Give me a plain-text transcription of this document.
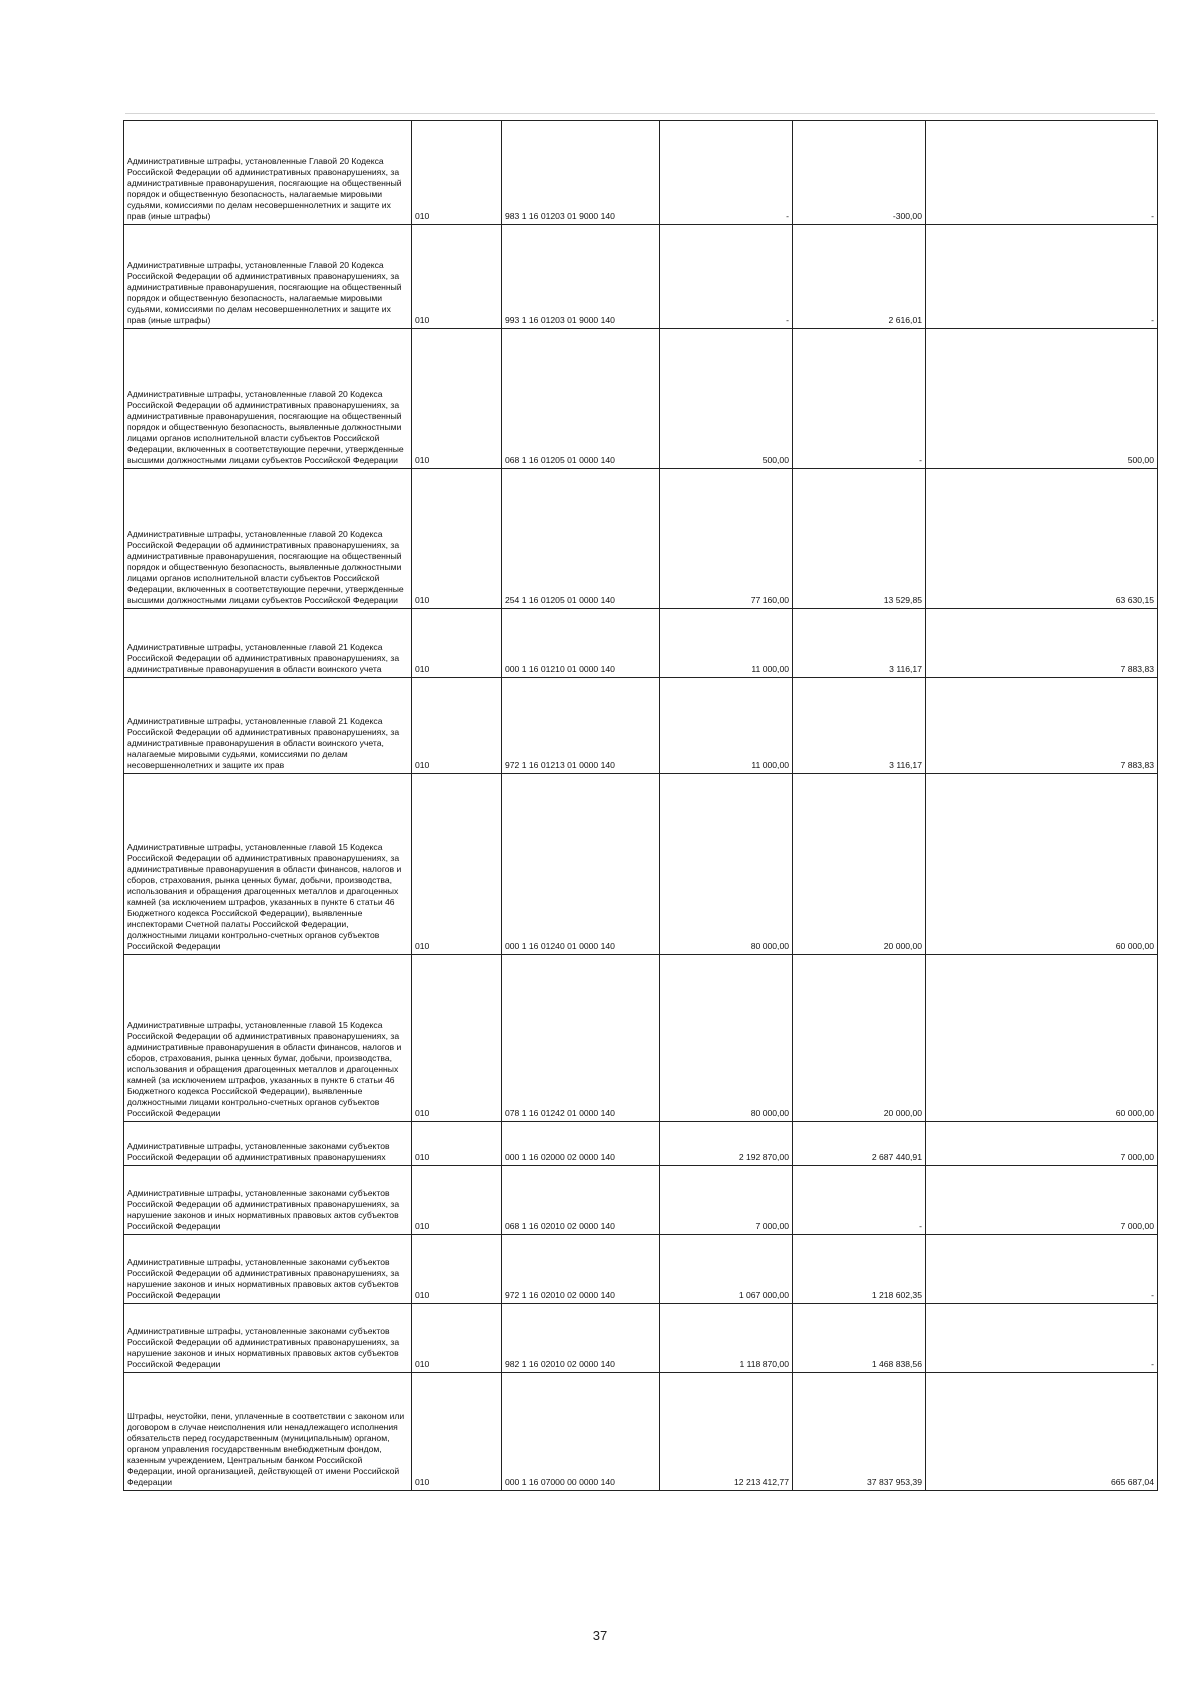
Административные штрафы, установленные Главой 20 Кодекса Российской Федерации об административных правонарушениях, за административные правонарушения, посягающие на общественный порядок и общественную безопасность, налагаемые мировыми судьями, комиссиями по делам несовершеннолетних и защите их прав (иные штрафы)	010	983 1 16 01203 01 9000 140	-	-300,00	-
Административные штрафы, установленные Главой 20 Кодекса Российской Федерации об административных правонарушениях, за административные правонарушения, посягающие на общественный порядок и общественную безопасность, налагаемые мировыми судьями, комиссиями по делам несовершеннолетних и защите их прав (иные штрафы)	010	993 1 16 01203 01 9000 140	-	2 616,01	-
Административные штрафы, установленные главой 20 Кодекса Российской Федерации об административных правонарушениях, за административные правонарушения, посягающие на общественный порядок и общественную безопасность, выявленные должностными лицами органов исполнительной власти субъектов Российской Федерации, включенных в соответствующие перечни, утвержденные высшими должностными лицами субъектов Российской Федерации	010	068 1 16 01205 01 0000 140	500,00	-	500,00
Административные штрафы, установленные главой 20 Кодекса Российской Федерации об административных правонарушениях, за административные правонарушения, посягающие на общественный порядок и общественную безопасность, выявленные должностными лицами органов исполнительной власти субъектов Российской Федерации, включенных в соответствующие перечни, утвержденные высшими должностными лицами субъектов Российской Федерации	010	254 1 16 01205 01 0000 140	77 160,00	13 529,85	63 630,15
Административные штрафы, установленные главой 21 Кодекса Российской Федерации об административных правонарушениях, за административные правонарушения в области воинского учета	010	000 1 16 01210 01 0000 140	11 000,00	3 116,17	7 883,83
Административные штрафы, установленные главой 21 Кодекса Российской Федерации об административных правонарушениях, за административные правонарушения в области воинского учета, налагаемые мировыми судьями, комиссиями по делам несовершеннолетних и защите их прав	010	972 1 16 01213 01 0000 140	11 000,00	3 116,17	7 883,83
Административные штрафы, установленные главой 15 Кодекса Российской Федерации об административных правонарушениях, за административные правонарушения в области финансов, налогов и сборов, страхования, рынка ценных бумаг, добычи, производства, использования и обращения драгоценных металлов и драгоценных камней (за исключением штрафов, указанных в пункте 6 статьи 46 Бюджетного кодекса Российской Федерации), выявленные инспекторами Счетной палаты Российской Федерации, должностными лицами контрольно-счетных органов субъектов Российской Федерации	010	000 1 16 01240 01 0000 140	80 000,00	20 000,00	60 000,00
Административные штрафы, установленные главой 15 Кодекса Российской Федерации об административных правонарушениях, за административные правонарушения в области финансов, налогов и сборов, страхования, рынка ценных бумаг, добычи, производства, использования и обращения драгоценных металлов и драгоценных камней (за исключением штрафов, указанных в пункте 6 статьи 46 Бюджетного кодекса Российской Федерации), выявленные должностными лицами контрольно-счетных органов субъектов Российской Федерации	010	078 1 16 01242 01 0000 140	80 000,00	20 000,00	60 000,00
Административные штрафы, установленные законами субъектов Российской Федерации об административных правонарушениях	010	000 1 16 02000 02 0000 140	2 192 870,00	2 687 440,91	7 000,00
Административные штрафы, установленные законами субъектов Российской Федерации об административных правонарушениях, за нарушение законов и иных нормативных правовых актов субъектов Российской Федерации	010	068 1 16 02010 02 0000 140	7 000,00	-	7 000,00
Административные штрафы, установленные законами субъектов Российской Федерации об административных правонарушениях, за нарушение законов и иных нормативных правовых актов субъектов Российской Федерации	010	972 1 16 02010 02 0000 140	1 067 000,00	1 218 602,35	-
Административные штрафы, установленные законами субъектов Российской Федерации об административных правонарушениях, за нарушение законов и иных нормативных правовых актов субъектов Российской Федерации	010	982 1 16 02010 02 0000 140	1 118 870,00	1 468 838,56	-
Штрафы, неустойки, пени, уплаченные в соответствии с законом или договором в случае неисполнения или ненадлежащего исполнения обязательств перед государственным (муниципальным) органом, органом управления государственным внебюджетным фондом, казенным учреждением, Центральным банком Российской Федерации, иной организацией, действующей от имени Российской Федерации	010	000 1 16 07000 00 0000 140	12 213 412,77	37 837 953,39	665 687,04
37
